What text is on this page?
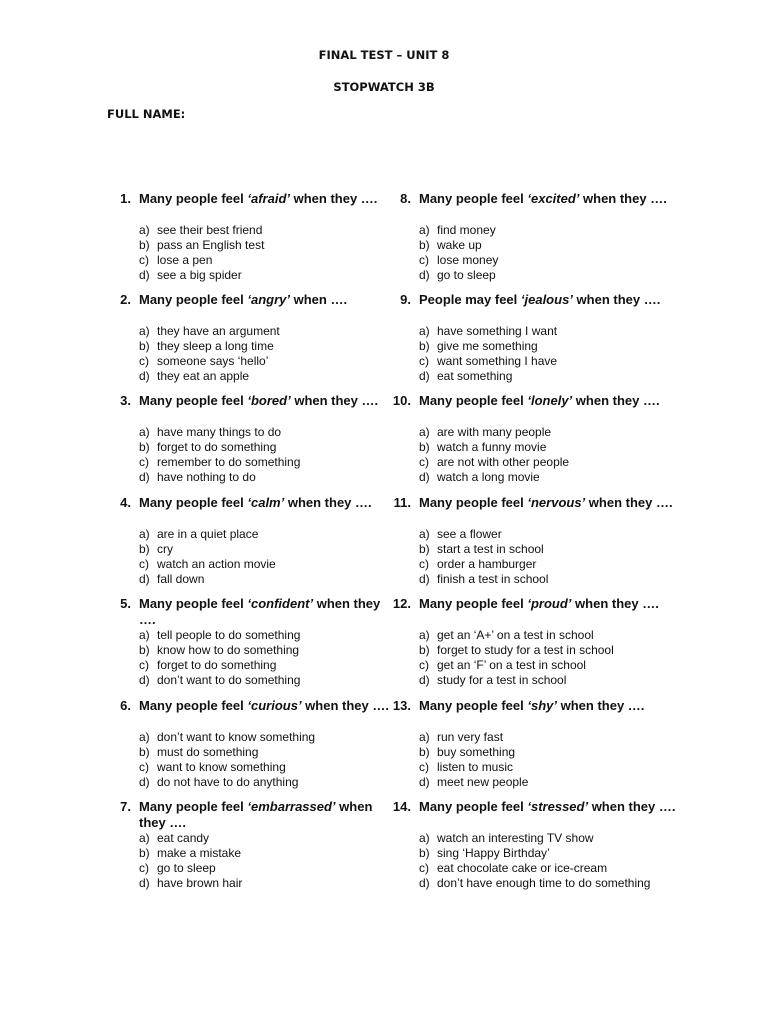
FINAL TEST – UNIT 8
STOPWATCH 3B
FULL NAME:
1. Many people feel ‘afraid’ when they ….
a) see their best friend
b) pass an English test
c) lose a pen
d) see a big spider
2. Many people feel ‘angry’ when ….
a) they have an argument
b) they sleep a long time
c) someone says ‘hello’
d) they eat an apple
3. Many people feel ‘bored’ when they ….
a) have many things to do
b) forget to do something
c) remember to do something
d) have nothing to do
4. Many people feel ‘calm’ when they ….
a) are in a quiet place
b) cry
c) watch an action movie
d) fall down
5. Many people feel ‘confident’ when they ….
a) tell people to do something
b) know how to do something
c) forget to do something
d) don’t want to do something
6. Many people feel ‘curious’ when they ….
a) don’t want to know something
b) must do something
c) want to know something
d) do not have to do anything
7. Many people feel ‘embarrassed’ when they ….
a) eat candy
b) make a mistake
c) go to sleep
d) have brown hair
8. Many people feel ‘excited’ when they ….
a) find money
b) wake up
c) lose money
d) go to sleep
9. People may feel ‘jealous’ when they ….
a) have something I want
b) give me something
c) want something I have
d) eat something
10. Many people feel ‘lonely’ when they ….
a) are with many people
b) watch a funny movie
c) are not with other people
d) watch a long movie
11. Many people feel ‘nervous’ when they ….
a) see a flower
b) start a test in school
c) order a hamburger
d) finish a test in school
12. Many people feel ‘proud’ when they ….
a) get an ‘A+’ on a test in school
b) forget to study for a test in school
c) get an ‘F’ on a test in school
d) study for a test in school
13. Many people feel ‘shy’ when they ….
a) run very fast
b) buy something
c) listen to music
d) meet new people
14. Many people feel ‘stressed’ when they ….
a) watch an interesting TV show
b) sing ‘Happy Birthday’
c) eat chocolate cake or ice-cream
d) don’t have enough time to do something
